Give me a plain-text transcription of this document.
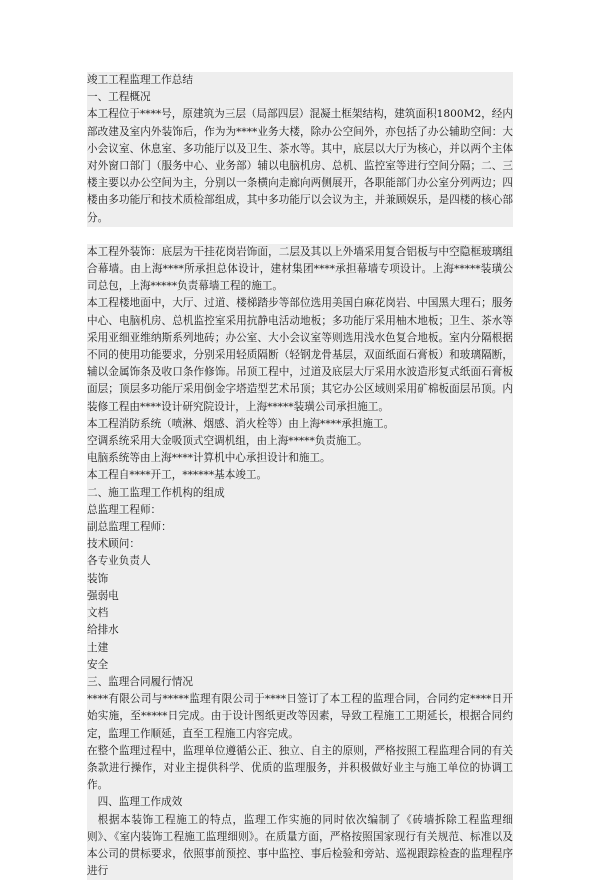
竣工工程监理工作总结

一、工程概况

本工程位于****号，原建筑为三层（局部四层）混凝土框架结构，建筑面积1800M2，经内部改建及室内外装饰后，作为为****业务大楼，除办公空间外，亦包括了办公辅助空间：大小会议室、休息室、多功能厅以及卫生、茶水等。其中，底层以大厅为核心，并以两个主体对外窗口部门（服务中心、业务部）辅以电脑机房、总机、监控室等进行空间分隔；二、三楼主要以办公空间为主，分别以一条横向走廊向两侧展开，各职能部门办公室分列两边；四楼由多功能厅和技术质检部组成，其中多功能厅以会议为主，并兼顾娱乐，是四楼的核心部分。

本工程外装饰：底层为干挂花岗岩饰面，二层及其以上外墙采用复合铝板与中空隐框玻璃组合幕墙。由上海****所承担总体设计，建材集团****承担幕墙专项设计。上海*****装璜公司总包，上海*****负责幕墙工程的施工。

本工程楼地面中，大厅、过道、楼梯踏步等部位选用美国白麻花岗岩、中国黑大理石；服务中心、电脑机房、总机监控室采用抗静电活动地板；多功能厅采用柚木地板；卫生、茶水等采用亚细亚维纳斯系列地砖；办公室、大小会议室等则选用浅水色复合地板。室内分隔根据不同的使用功能要求，分别采用轻质隔断（轻钢龙骨基层，双面纸面石膏板）和玻璃隔断，辅以金属饰条及收口条作修饰。吊顶工程中，过道及底层大厅采用水波造形复式纸面石膏板面层；顶层多功能厅采用倒金字塔造型艺术吊顶；其它办公区域则采用矿棉板面层吊顶。内装修工程由****设计研究院设计，上海*****装璜公司承担施工。

本工程消防系统（喷淋、烟感、消火栓等）由上海****承担施工。

空调系统采用大金吸顶式空调机组，由上海*****负责施工。

电脑系统等由上海****计算机中心承担设计和施工。

本工程自****开工，******基本竣工。

二、施工监理工作机构的组成

总监理工程师：

副总监理工程师：

技术顾问：

各专业负责人

装饰

强弱电

文档

给排水

土建

安全

三、监理合同履行情况

****有限公司与*****监理有限公司于****日签订了本工程的监理合同，合同约定****日开始实施，至*****日完成。由于设计图纸更改等因素，导致工程施工工期延长，根据合同约定，监理工作顺延，直至工程施工内容完成。

在整个监理过程中，监理单位遵循公正、独立、自主的原则，严格按照工程监理合同的有关条款进行操作，对业主提供科学、优质的监理服务，并积极做好业主与施工单位的协调工作。

四、监理工作成效

根据本装饰工程施工的特点，监理工作实施的同时依次编制了《砖墙拆除工程监理细则》、《室内装饰工程施工监理细则》。在质量方面，严格按照国家现行有关规范、标准以及本公司的贯标要求，依照事前预控、事中监控、事后检验和旁站、巡视跟踪检查的监理程序进行
